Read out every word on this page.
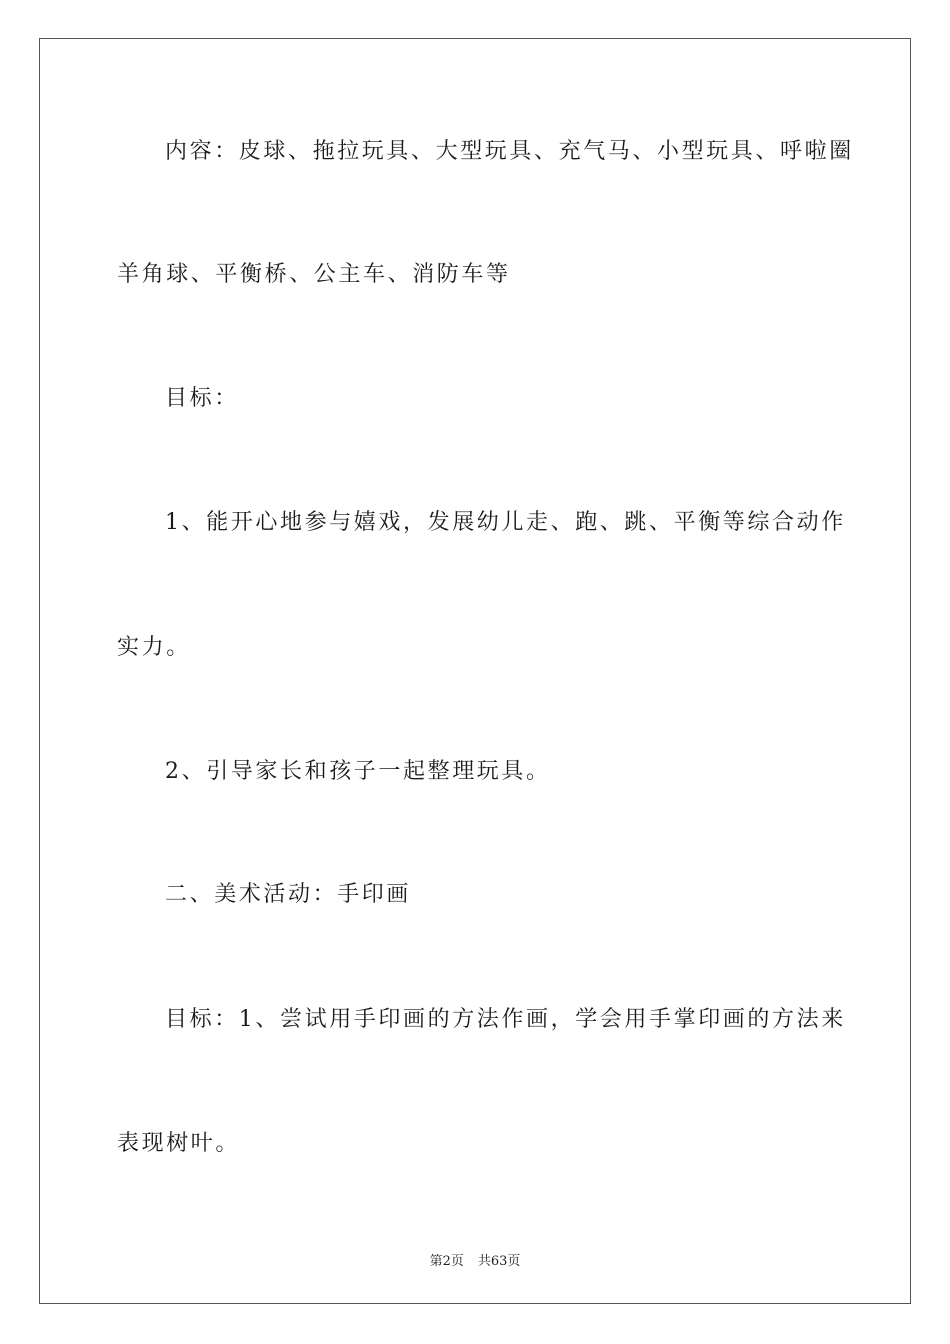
内容：皮球、拖拉玩具、大型玩具、充气马、小型玩具、呼啦圈
羊角球、平衡桥、公主车、消防车等
目标：
1、能开心地参与嬉戏，发展幼儿走、跑、跳、平衡等综合动作
实力。
2、引导家长和孩子一起整理玩具。
二、美术活动：手印画
目标：1、尝试用手印画的方法作画，学会用手掌印画的方法来
表现树叶。
第2页 共63页
